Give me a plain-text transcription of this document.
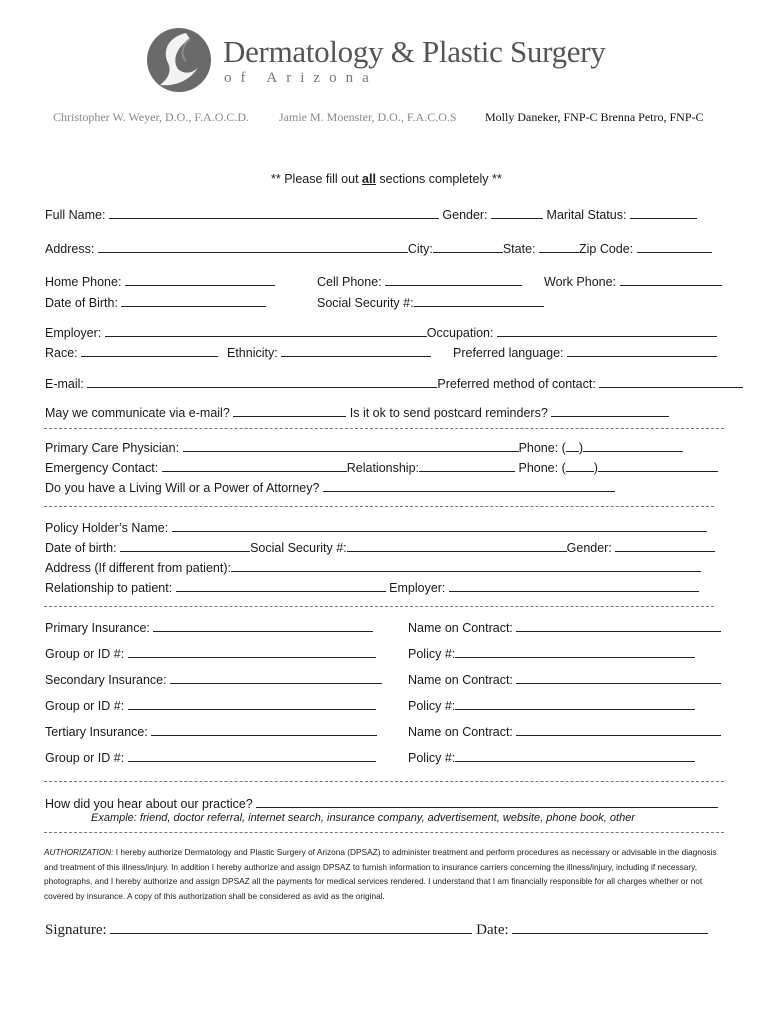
Dermatology & Plastic Surgery
of Arizona
Christopher W. Weyer, D.O., F.A.O.C.D. Jamie M. Moenster, D.O., F.A.C.O.S Molly Daneker, FNP-C Brenna Petro, FNP-C
** Please fill out all sections completely **
Full Name:	Gender:	Marital Status:
Address:	City:	State:	Zip Code:
Home Phone:	Cell Phone:	Work Phone:
Date of Birth:	Social Security #:
Employer:	Occupation:
Race:	Ethnicity:	Preferred language:
E-mail:	Preferred method of contact:
May we communicate via e-mail?	Is it ok to send postcard reminders?
Primary Care Physician:	Phone: ( )
Emergency Contact:	Relationship:	Phone: ( )
Do you have a Living Will or a Power of Attorney?
Policy Holder’s Name:
Date of birth:	Social Security #:	Gender:
Address (If different from patient):
Relationship to patient:	Employer:
Primary Insurance:	Name on Contract:
Group or ID #:	Policy #:
Secondary Insurance:	Name on Contract:
Group or ID #:	Policy #:
Tertiary Insurance:	Name on Contract:
Group or ID #:	Policy #:
How did you hear about our practice?
Example: friend, doctor referral, internet search, insurance company, advertisement, website, phone book, other
AUTHORIZATION: I hereby authorize Dermatology and Plastic Surgery of Arizona (DPSAZ) to administer treatment and perform procedures as necessary or advisable in the diagnosis and treatment of this illness/injury. In addition I hereby authorize and assign DPSAZ to furnish information to insurance carriers concerning the illness/injury, including if necessary, photographs, and I hereby authorize and assign DPSAZ all the payments for medical services rendered. I understand that I am financially responsible for all charges whether or not covered by insurance. A copy of this authorization shall be considered as avid as the original.
Signature:	Date:
